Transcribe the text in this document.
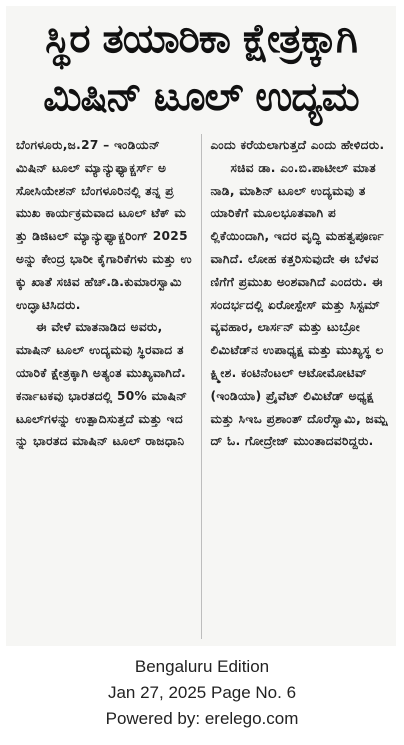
ಸ್ಥಿರ ತಯಾರಿಕಾ ಕ್ಷೇತ್ರಕ್ಕಾಗಿ
ಮಿಷಿನ್ ಟೂಲ್ ಉದ್ಯಮ

ಬೆಂಗಳೂರು,ಜ.27 – ಇಂಡಿಯನ್ ಮಿಷಿನ್ ಟೂಲ್ ಮ್ಯಾನ್ಯುಫ್ಯಾಕ್ಚರ್ಸ್ ಅಸೋಸಿಯೇಶನ್ ಬೆಂಗಳೂರಿನಲ್ಲಿ ತನ್ನ ಪ್ರಮುಖ ಕಾರ್ಯಕ್ರಮವಾದ ಟೂಲ್ ಟೆಕ್ ಮತ್ತು ಡಿಜಿಟಲ್ ಮ್ಯಾನ್ಯುಫ್ಯಾಕ್ಚರಿಂಗ್ 2025 ಅನ್ನು ಕೇಂದ್ರ ಭಾರೀ ಕೈಗಾರಿಕೆಗಳು ಮತ್ತು ಉಕ್ಕು ಖಾತೆ ಸಚಿವ ಹೆಚ್.ಡಿ.ಕುಮಾರಸ್ವಾಮಿ ಉದ್ಘಾಟಿಸಿದರು.

ಈ ವೇಳೆ ಮಾತನಾಡಿದ ಅವರು, ಮಾಷಿನ್ ಟೂಲ್ ಉದ್ಯಮವು ಸ್ಥಿರವಾದ ತಯಾರಿಕೆ ಕ್ಷೇತ್ರಕ್ಕಾಗಿ ಅತ್ಯಂತ ಮುಖ್ಯವಾಗಿದೆ. ಕರ್ನಾಟಕವು ಭಾರತದಲ್ಲಿ 50% ಮಾಷಿನ್ ಟೂಲ್‌ಗಳನ್ನು ಉತ್ಪಾದಿಸುತ್ತದೆ ಮತ್ತು ಇದನ್ನು ಭಾರತದ ಮಾಷಿನ್ ಟೂಲ್ ರಾಜಧಾನಿ

ಎಂದು ಕರೆಯಲಾಗುತ್ತದೆ ಎಂದು ಹೇಳಿದರು.

ಸಚಿವ ಡಾ. ಎಂ.ಬಿ.ಪಾಟೀಲ್ ಮಾತನಾಡಿ, ಮಾಶಿನ್ ಟೂಲ್ ಉದ್ಯಮವು ತಯಾರಿಕೆಗೆ ಮೂಲಭೂತವಾಗಿ ಪಲ್ಲಿಕೆಯಿಂದಾಗಿ, ಇದರ ವೃದ್ಧಿ ಮಹತ್ವಪೂರ್ಣವಾಗಿದೆ. ಲೋಹ ಕತ್ತರಿಸುವುದೇ ಈ ಬೆಳವಣಿಗೆಗೆ ಪ್ರಮುಖ ಅಂಶವಾಗಿದೆ ಎಂದರು. ಈ ಸಂದರ್ಭದಲ್ಲಿ ಏರೋಸ್ಪೇಸ್ ಮತ್ತು ಸಿಸ್ಟಮ್ ವ್ಯವಹಾರ, ಲಾರ್ಸನ್ ಮತ್ತು ಟುಬ್ರೋ ಲಿಮಿಟೆಡ್‌ನ ಉಪಾಧ್ಯಕ್ಷ ಮತ್ತು ಮುಖ್ಯಸ್ಥ ಲಕ್ಷ್ಮೀಶ. ಕಂಟಿನೆಂಟಲ್ ಆಟೋಮೋಟಿವ್ (ಇಂಡಿಯಾ) ಪ್ರೈವೆಟ್ ಲಿಮಿಟೆಡ್ ಅಧ್ಯಕ್ಷ ಮತ್ತು ಸಿಇಒ ಪ್ರಶಾಂತ್ ದೊರೆಸ್ವಾಮಿ, ಜಮ್ಷದ್ ಓ. ಗೋದ್ರೇಜ್ ಮುಂತಾದವರಿದ್ದರು.

Bengaluru Edition
Jan 27, 2025 Page No. 6
Powered by: erelego.com
